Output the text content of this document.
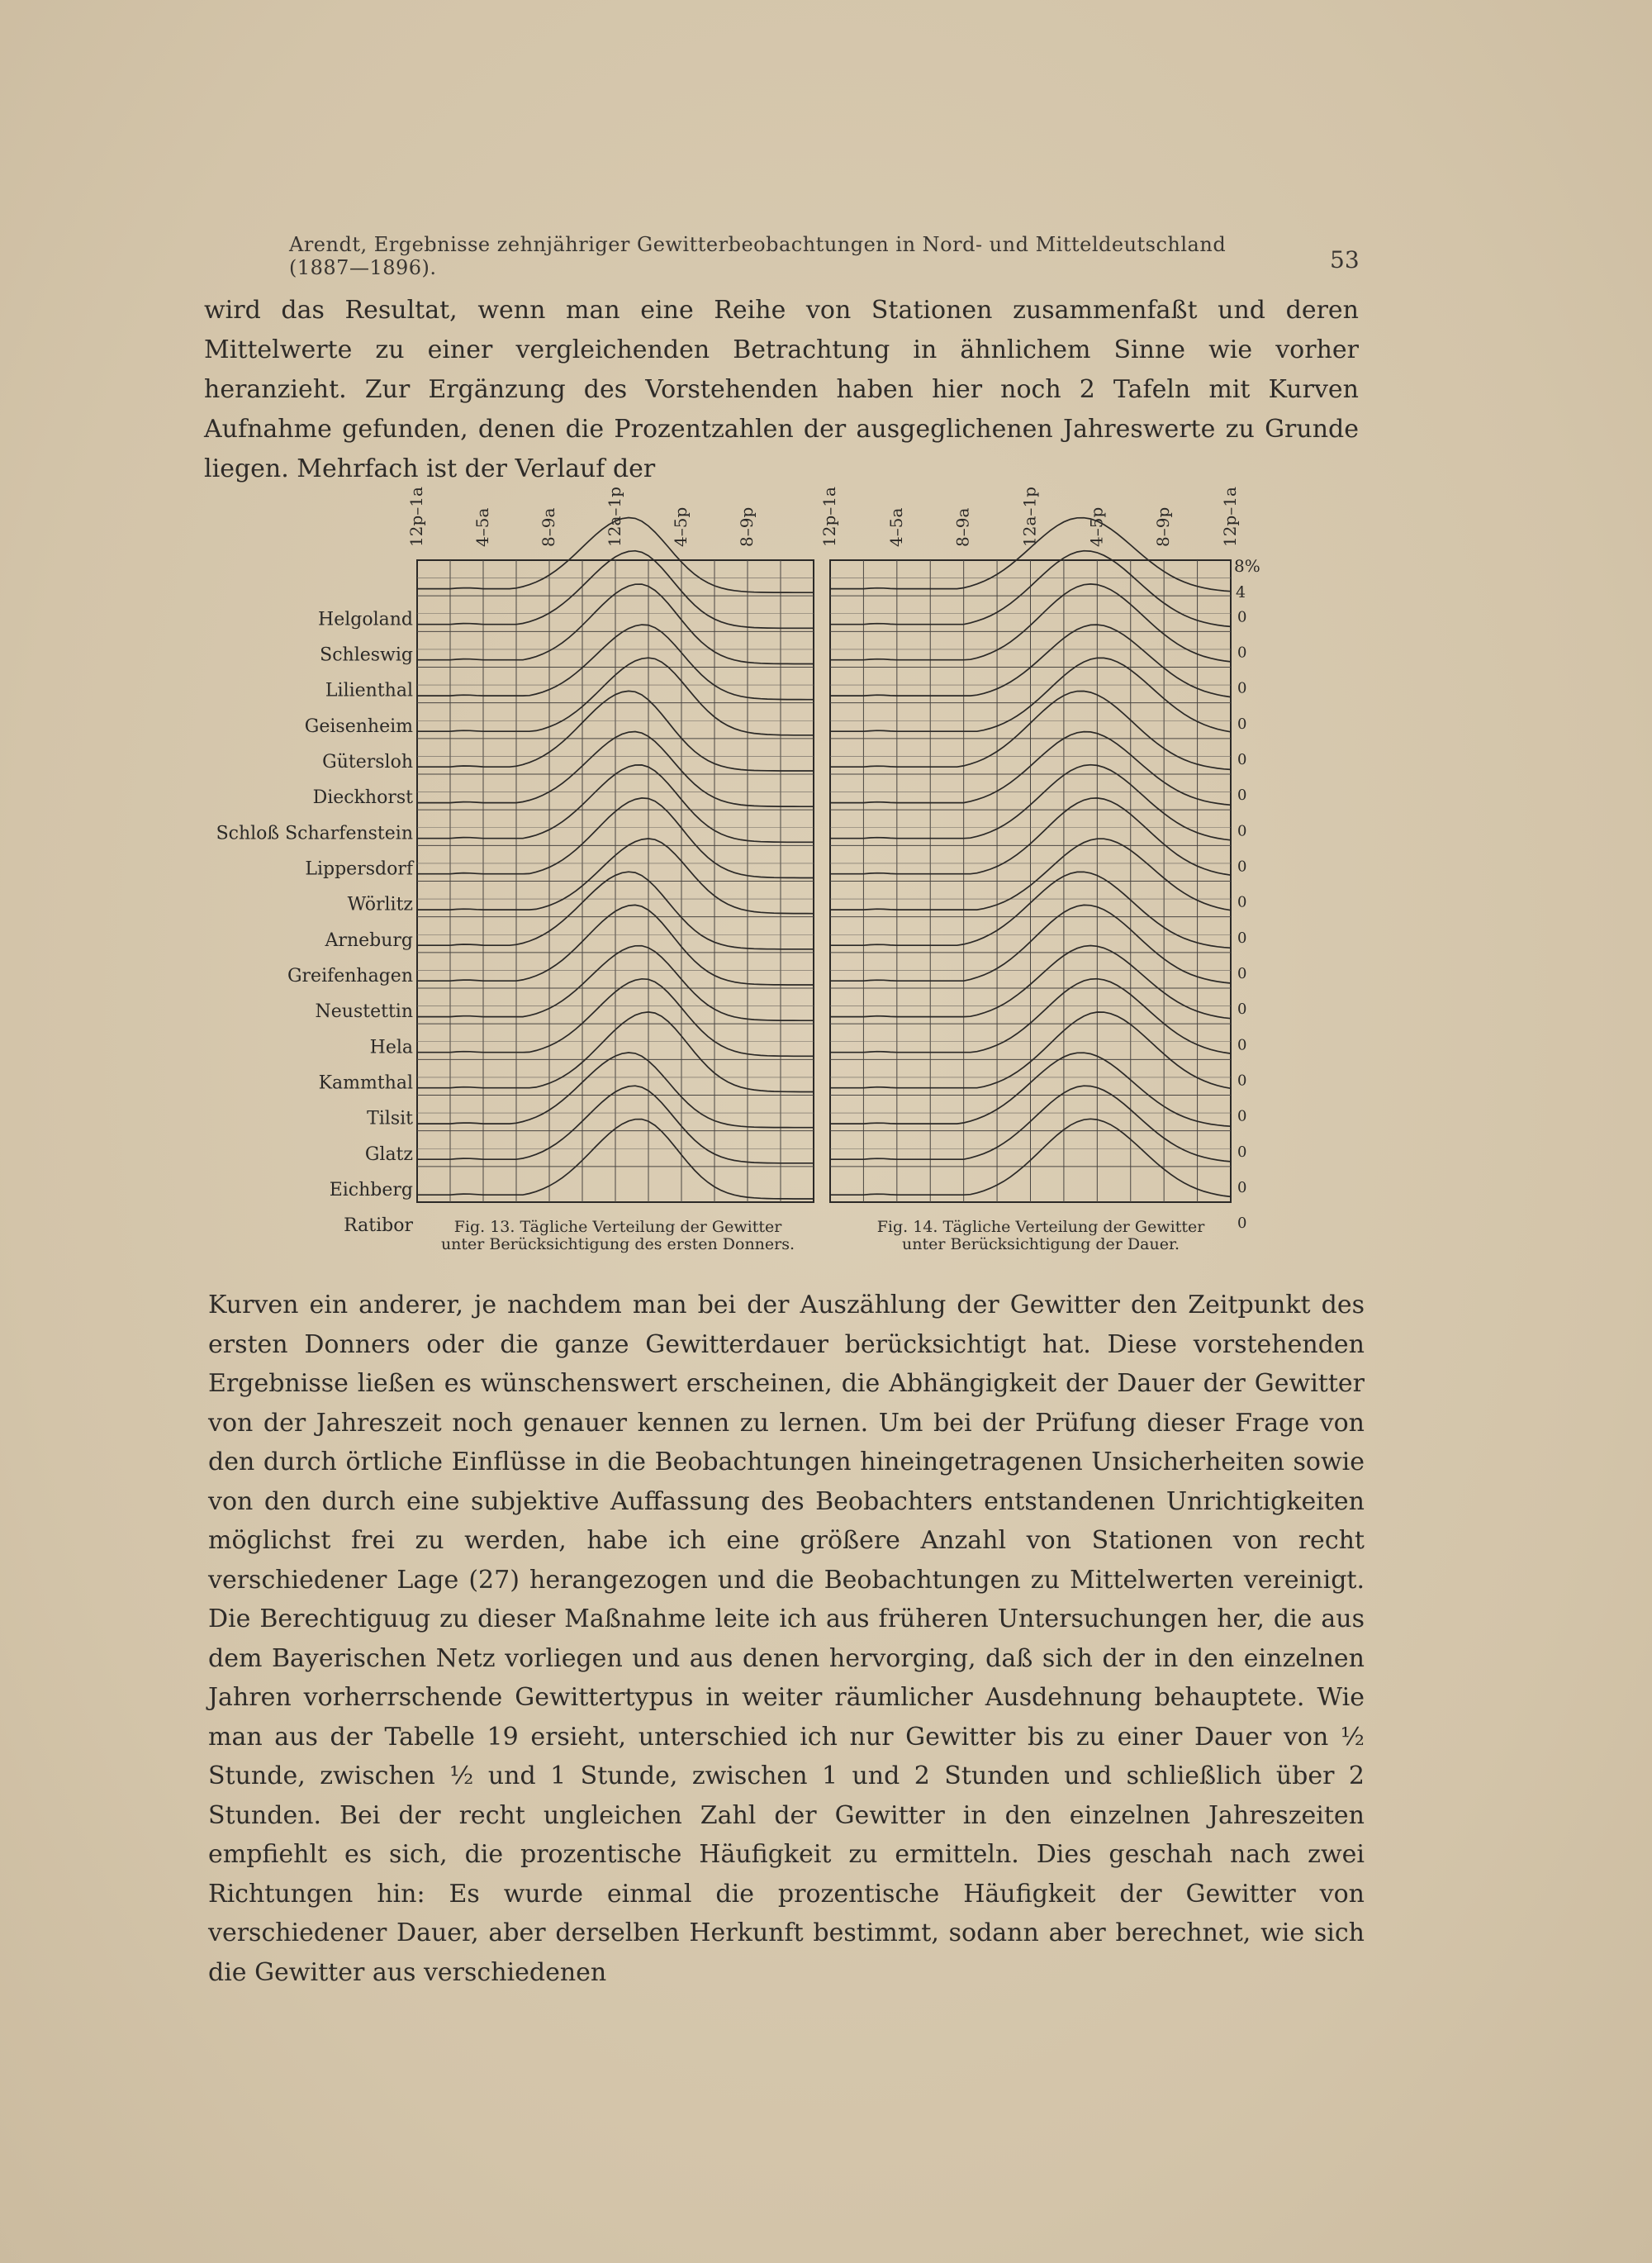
Arendt, Ergebnisse zehnjähriger Gewitterbeobachtungen in Nord- und Mitteldeutschland (1887—1896).	53

wird das Resultat, wenn man eine Reihe von Stationen zusammenfaßt und deren Mittelwerte zu einer vergleichenden Betrachtung in ähnlichem Sinne wie vorher heranzieht. Zur Ergänzung des Vorstehenden haben hier noch 2 Tafeln mit Kurven Aufnahme gefunden, denen die Prozentzahlen der ausgeglichenen Jahreswerte zu Grunde liegen. Mehrfach ist der Verlauf der

Helgoland	0
Schleswig	0
Lilienthal	0
Geisenheim	0
Gütersloh	0
Dieckhorst	0
Schloß Scharfenstein	0
Lippersdorf	0
Wörlitz	0
Arneburg	0
Greifenhagen	0
Neustettin	0
Hela	0
Kammthal	0
Tilsit	0
Glatz	0
Eichberg	0
Ratibor	0
8%
4
12p–1a	4–5a	8–9a	12a–1p	4–5p	8–9p	12p–1a	4–5a	8–9a	12a–1p	4–5p	8–9p	12p–1a
Fig. 13. Tägliche Verteilung der Gewitter
unter Berücksichtigung des ersten Donners.
Fig. 14. Tägliche Verteilung der Gewitter
unter Berücksichtigung der Dauer.

Kurven ein anderer, je nachdem man bei der Auszählung der Gewitter den Zeitpunkt des ersten Donners oder die ganze Gewitterdauer berücksichtigt hat. Diese vorstehenden Ergebnisse ließen es wünschenswert erscheinen, die Abhängigkeit der Dauer der Gewitter von der Jahreszeit noch genauer kennen zu lernen. Um bei der Prüfung dieser Frage von den durch örtliche Einflüsse in die Beobachtungen hineingetragenen Unsicherheiten sowie von den durch eine subjektive Auffassung des Beobachters entstandenen Unrichtigkeiten möglichst frei zu werden, habe ich eine größere Anzahl von Stationen von recht verschiedener Lage (27) herangezogen und die Beobachtungen zu Mittelwerten vereinigt. Die Berechtiguug zu dieser Maßnahme leite ich aus früheren Untersuchungen her, die aus dem Bayerischen Netz vorliegen und aus denen hervorging, daß sich der in den einzelnen Jahren vorherrschende Gewittertypus in weiter räumlicher Ausdehnung behauptete. Wie man aus der Tabelle 19 ersieht, unterschied ich nur Gewitter bis zu einer Dauer von ½ Stunde, zwischen ½ und 1 Stunde, zwischen 1 und 2 Stunden und schließlich über 2 Stunden. Bei der recht ungleichen Zahl der Gewitter in den einzelnen Jahreszeiten empfiehlt es sich, die prozentische Häufigkeit zu ermitteln. Dies geschah nach zwei Richtungen hin: Es wurde einmal die prozentische Häufigkeit der Gewitter von verschiedener Dauer, aber derselben Herkunft bestimmt, sodann aber berechnet, wie sich die Gewitter aus verschiedenen
